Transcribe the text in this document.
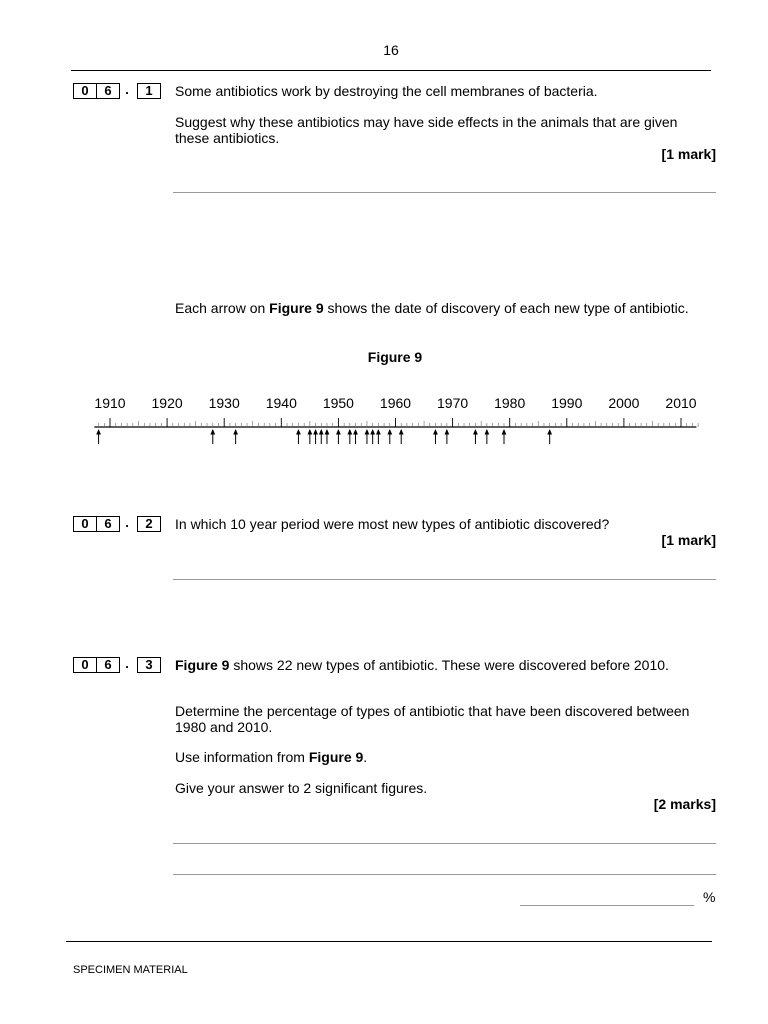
16
0	6	.	1	Some antibiotics work by destroying the cell membranes of bacteria.
Suggest why these antibiotics may have side effects in the animals that are given these antibiotics.
[1 mark]
Each arrow on Figure 9 shows the date of discovery of each new type of antibiotic.
Figure 9
1910 1920 1930 1940 1950 1960 1970 1980 1990 2000 2010
0	6	.	2	In which 10 year period were most new types of antibiotic discovered?
[1 mark]
0	6	.	3	Figure 9 shows 22 new types of antibiotic. These were discovered before 2010.
Determine the percentage of types of antibiotic that have been discovered between 1980 and 2010.
Use information from Figure 9.
Give your answer to 2 significant figures.
[2 marks]
%
SPECIMEN MATERIAL
